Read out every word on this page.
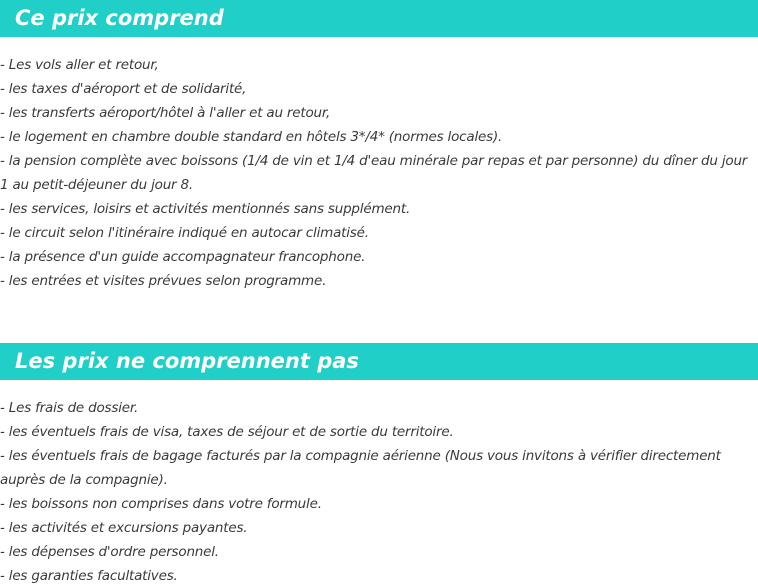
Ce prix comprend
- Les vols aller et retour,
- les taxes d'aéroport et de solidarité,
- les transferts aéroport/hôtel à l'aller et au retour,
- le logement en chambre double standard en hôtels 3*/4* (normes locales).
- la pension complète avec boissons (1/4 de vin et 1/4 d'eau minérale par repas et par personne) du dîner du jour 1 au petit-déjeuner du jour 8.
- les services, loisirs et activités mentionnés sans supplément.
- le circuit selon l'itinéraire indiqué en autocar climatisé.
- la présence d'un guide accompagnateur francophone.
- les entrées et visites prévues selon programme.
Les prix ne comprennent pas
- Les frais de dossier.
- les éventuels frais de visa, taxes de séjour et de sortie du territoire.
- les éventuels frais de bagage facturés par la compagnie aérienne (Nous vous invitons à vérifier directement auprès de la compagnie).
- les boissons non comprises dans votre formule.
- les activités et excursions payantes.
- les dépenses d'ordre personnel.
- les garanties facultatives.
